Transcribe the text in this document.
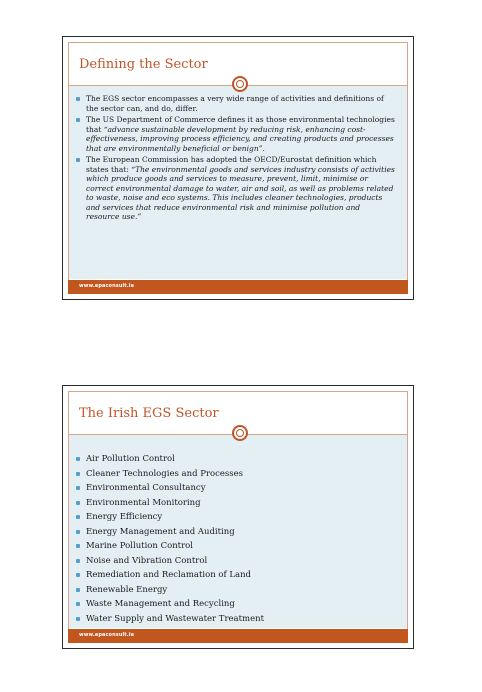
Defining the Sector
The EGS sector encompasses a very wide range of activities and definitions of the sector can, and do, differ.
The US Department of Commerce defines it as those environmental technologies that “advance sustainable development by reducing risk, enhancing cost-effectiveness, improving process efficiency, and creating products and processes that are environmentally beneficial or benign”.
The European Commission has adopted the OECD/Eurostat definition which states that: “The environmental goods and services industry consists of activities which produce goods and services to measure, prevent, limit, minimise or correct environmental damage to water, air and soil, as well as problems related to waste, noise and eco systems. This includes cleaner technologies, products and services that reduce environmental risk and minimise pollution and resource use.”
www.epaconsult.ie
The Irish EGS Sector
Air Pollution Control
Cleaner Technologies and Processes
Environmental Consultancy
Environmental Monitoring
Energy Efficiency
Energy Management and Auditing
Marine Pollution Control
Noise and Vibration Control
Remediation and Reclamation of Land
Renewable Energy
Waste Management and Recycling
Water Supply and Wastewater Treatment
www.epaconsult.ie
